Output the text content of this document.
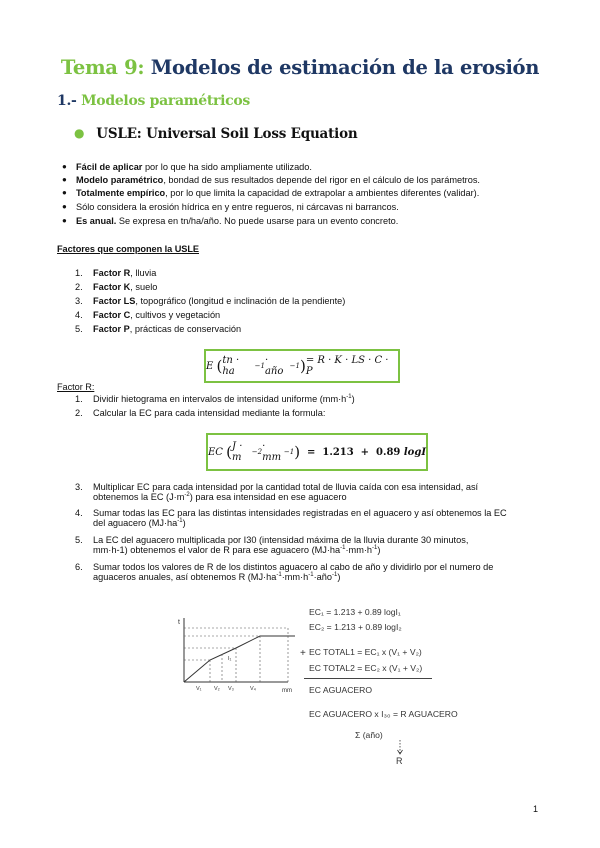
Tema 9: Modelos de estimación de la erosión
1.- Modelos paramétricos
● USLE: Universal Soil Loss Equation
● Fácil de aplicar por lo que ha sido ampliamente utilizado.
● Modelo paramétrico, bondad de sus resultados depende del rigor en el cálculo de los parámetros.
● Totalmente empírico, por lo que limita la capacidad de extrapolar a ambientes diferentes (validar).
● Sólo considera la erosión hídrica en y entre regueros, ni cárcavas ni barrancos.
● Es anual. Se expresa en tn/ha/año. No puede usarse para un evento concreto.
Factores que componen la USLE
1. Factor R, lluvia
2. Factor K, suelo
3. Factor LS, topográfico (longitud e inclinación de la pendiente)
4. Factor C, cultivos y vegetación
5. Factor P, prácticas de conservación
E
( tn · ha	−1 · año −1 ) = R · K · LS · C · P
Factor R:
1. Dividir hietograma en intervalos de intensidad uniforme $(mm\cdot h^{-1})$
2. Calcular la EC para cada intensidad mediante la formula:
EC
( J · m	−2 · mm −1 ) =  1.213  +  0.89 logI
3. Multiplicar EC para cada intensidad por la cantidad total de lluvia caída con esa intensidad, así
obtenemos la EC $(J\cdot m^{-2})$ para esa intensidad en ese aguacero
4. Sumar todas las EC para las distintas intensidades registradas en el aguacero y así obtenemos la EC
del aguacero $(MJ\cdot ha^{-1})$
5. La EC del aguacero multiplicada por I30 (intensidad máxima de la lluvia durante 30 minutos,
mm·h-1) obtenemos el valor de R para ese aguacero $(MJ\cdot ha^{-1}\cdot mm\cdot h^{-1})$
6. Sumar todos los valores de R de los distintos aguacero al cabo de año y dividirlo por el numero de
aguaceros anuales, así obtenemos R $(MJ\cdot ha^{-1}\cdot mm\cdot h^{-1}\cdot año^{-1})$
t
mm
V₁ V₂ V₃	V₄
I₁
EC₁ = 1.213 + 0.89 logI₁
EC₂ = 1.213 + 0.89 logI₂
+ EC TOTAL1 = EC₁ x (V₁ + V₂)
EC TOTAL2 = EC₂ x (V₁ + V₂)
EC AGUACERO
EC AGUACERO x I₃₀ = R AGUACERO
Σ (año)
R
1
